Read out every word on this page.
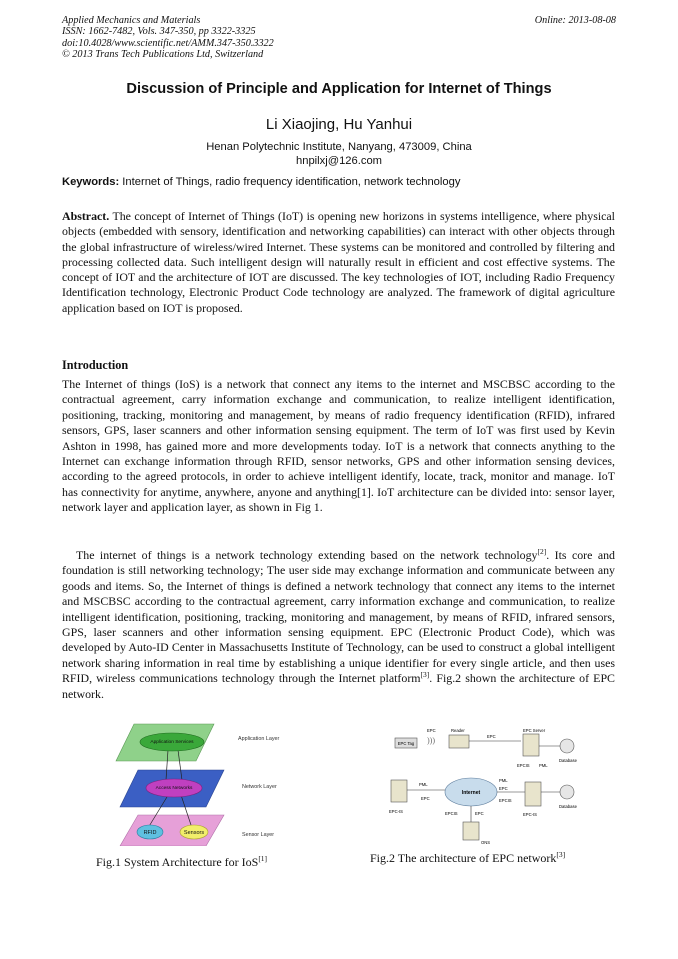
Applied Mechanics and Materials
ISSN: 1662-7482, Vols. 347-350, pp 3322-3325
doi:10.4028/www.scientific.net/AMM.347-350.3322
© 2013 Trans Tech Publications Ltd, Switzerland
Online: 2013-08-08
Discussion of Principle and Application for Internet of Things
Li Xiaojing, Hu Yanhui
Henan Polytechnic Institute, Nanyang, 473009, China
hnpilxj@126.com
Keywords: Internet of Things, radio frequency identification, network technology
Abstract. The concept of Internet of Things (IoT) is opening new horizons in systems intelligence, where physical objects (embedded with sensory, identification and networking capabilities) can interact with other objects through the global infrastructure of wireless/wired Internet. These systems can be monitored and controlled by filtering and processing collected data. Such intelligent design will naturally result in efficient and cost effective systems. The concept of IOT and the architecture of IOT are discussed. The key technologies of IOT, including Radio Frequency Identification technology, Electronic Product Code technology are analyzed. The framework of digital agriculture application based on IOT is proposed.
Introduction
The Internet of things (IoS) is a network that connect any items to the internet and MSCBSC according to the contractual agreement, carry information exchange and communication, to realize intelligent identification, positioning, tracking, monitoring and management, by means of radio frequency identification (RFID), infrared sensors, GPS, laser scanners and other information sensing equipment. The term of IoT was first used by Kevin Ashton in 1998, has gained more and more developments today. IoT is a network that connects anything to the Internet can exchange information through RFID, sensor networks, GPS and other information sensing devices, according to the agreed protocols, in order to achieve intelligent identify, locate, track, monitor and manage. IoT has connectivity for anytime, anywhere, anyone and anything[1]. IoT architecture can be divided into: sensor layer, network layer and application layer, as shown in Fig 1.
The internet of things is a network technology extending based on the network technology[2]. Its core and foundation is still networking technology; The user side may exchange information and communicate between any goods and items. So, the Internet of things is defined a network technology that connect any items to the internet and MSCBSC according to the contractual agreement, carry information exchange and communication, to realize intelligent identification, positioning, tracking, monitoring and management, by means of RFID, infrared sensors, GPS, laser scanners and other information sensing equipment. EPC (Electronic Product Code), which was developed by Auto-ID Center in Massachusetts Institute of Technology, can be used to construct a global intelligent network sharing information in real time by establishing a unique identifier for every single article, and then uses RFID, wireless communications technology through the Internet platform[3]. Fig.2 shown the architecture of EPC network.
Application Services
Access Networks
RFID	Sensors
Application Layer
Network Layer
Sensor Layer
Fig.1 System Architecture for IoS[1]
EPC Tag
EPC
)))
Reader
EPC
EPC Server
Database
PML
EPCIS
Internet
EPC-IS
PML
EPC
EPCIS	EPC
ONS
PML
EPC
EPCIS
EPC-IS
Database
Fig.2 The architecture of EPC network[3]
